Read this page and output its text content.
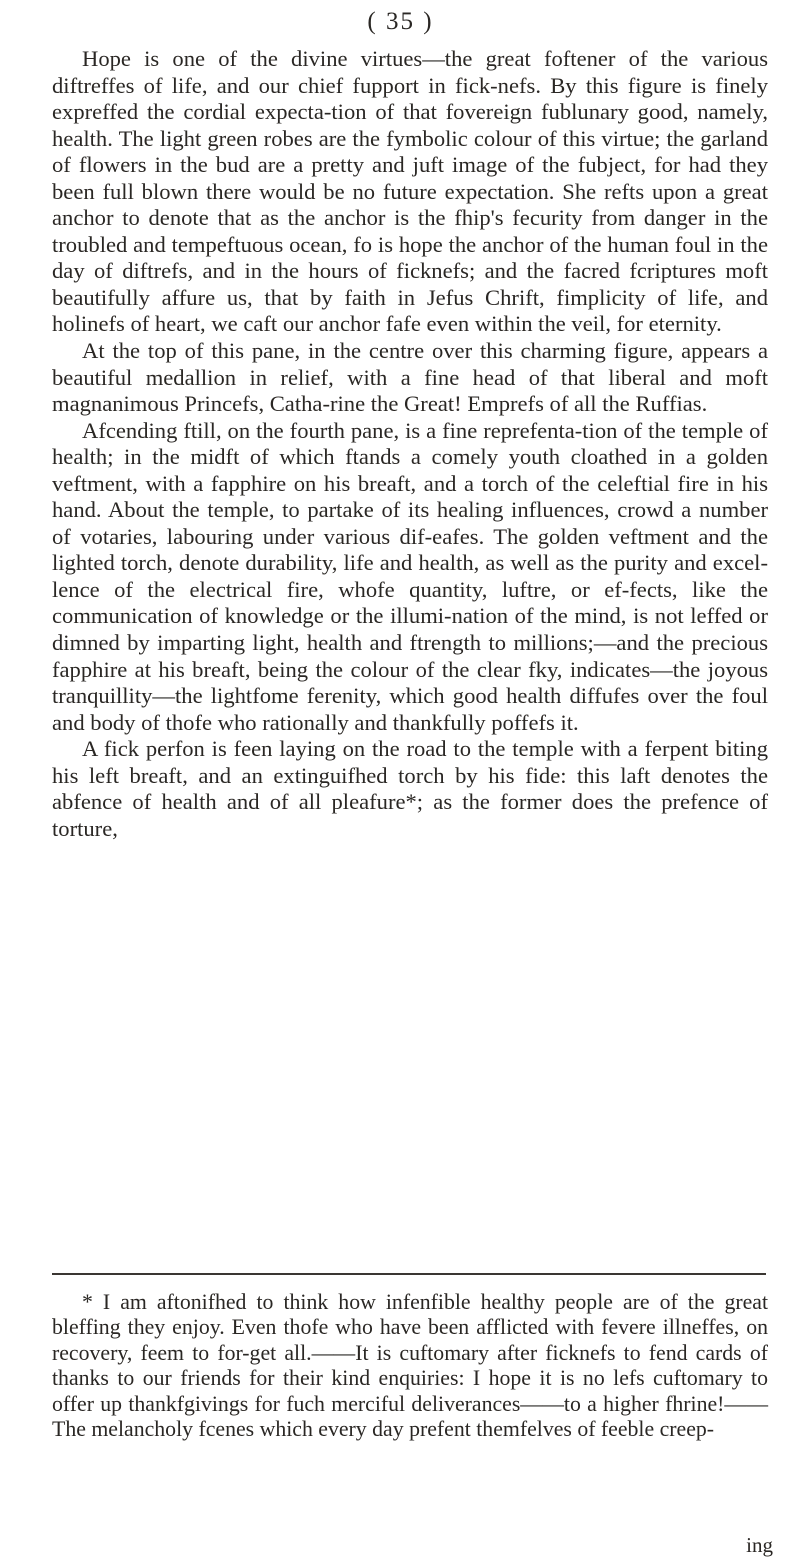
( 35 )

Hope is one of the divine virtues—the great foftener of the various diftreffes of life, and our chief fupport in fick-nefs. By this figure is finely expreffed the cordial expecta-tion of that fovereign fublunary good, namely, health. The light green robes are the fymbolic colour of this virtue; the garland of flowers in the bud are a pretty and juft image of the fubject, for had they been full blown there would be no future expectation. She refts upon a great anchor to denote that as the anchor is the fhip's fecurity from danger in the troubled and tempeftuous ocean, fo is hope the anchor of the human foul in the day of diftrefs, and in the hours of ficknefs; and the facred fcriptures moft beautifully affure us, that by faith in Jefus Chrift, fimplicity of life, and holinefs of heart, we caft our anchor fafe even within the veil, for eternity.

At the top of this pane, in the centre over this charming figure, appears a beautiful medallion in relief, with a fine head of that liberal and moft magnanimous Princefs, Catha-rine the Great! Emprefs of all the Ruffias.

Afcending ftill, on the fourth pane, is a fine reprefenta-tion of the temple of health; in the midft of which ftands a comely youth cloathed in a golden veftment, with a fapphire on his breaft, and a torch of the celeftial fire in his hand. About the temple, to partake of its healing influences, crowd a number of votaries, labouring under various dif-eafes. The golden veftment and the lighted torch, denote durability, life and health, as well as the purity and excel-lence of the electrical fire, whofe quantity, luftre, or ef-fects, like the communication of knowledge or the illumi-nation of the mind, is not leffed or dimned by imparting light, health and ftrength to millions;—and the precious fapphire at his breaft, being the colour of the clear fky, indicates—the joyous tranquillity—the lightfome ferenity, which good health diffufes over the foul and body of thofe who rationally and thankfully poffefs it.

A fick perfon is feen laying on the road to the temple with a ferpent biting his left breaft, and an extinguifhed torch by his fide: this laft denotes the abfence of health and of all pleafure*; as the former does the prefence of torture,

* I am aftonifhed to think how infenfible healthy people are of the great bleffing they enjoy. Even thofe who have been afflicted with fevere illneffes, on recovery, feem to for-get all.——It is cuftomary after ficknefs to fend cards of thanks to our friends for their kind enquiries: I hope it is no lefs cuftomary to offer up thankfgivings for fuch merciful deliverances——to a higher fhrine!——The melancholy fcenes which every day prefent themfelves of feeble creep-

ing
